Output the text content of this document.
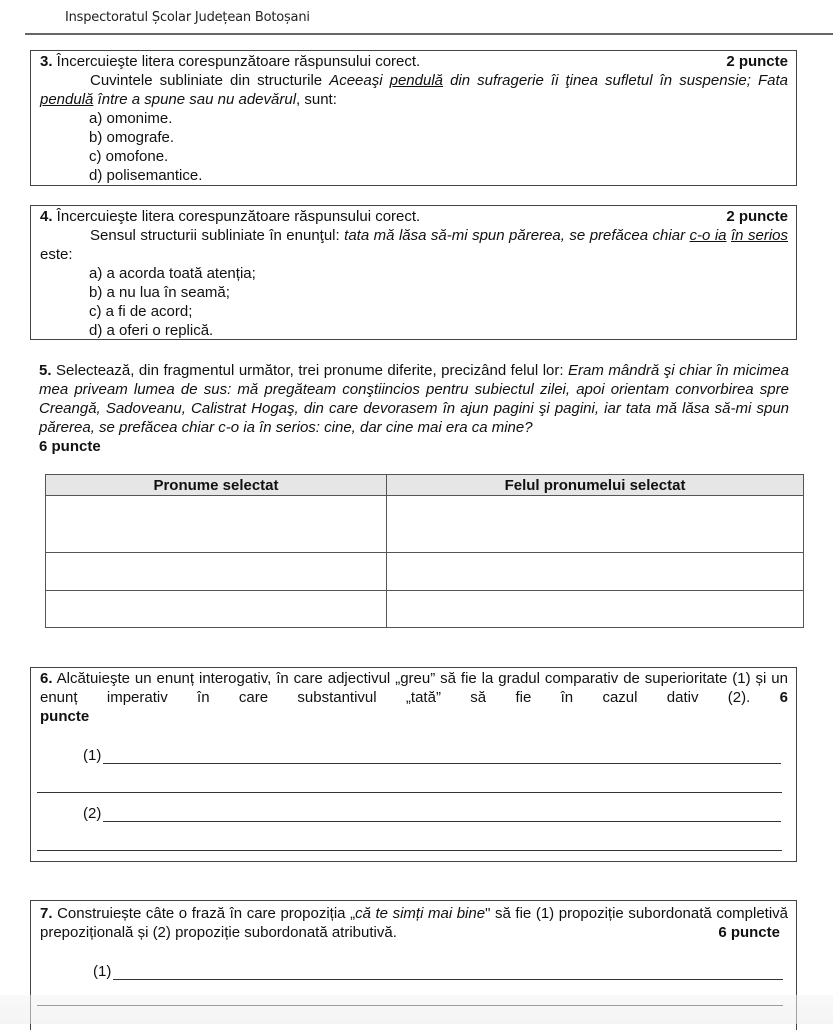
Inspectoratul Școlar Județean Botoșani
3. Încercuieşte litera corespunzătoare răspunsului corect.	2 puncte
Cuvintele subliniate din structurile Aceeaşi pendulă din sufragerie îi ţinea sufletul în suspensie; Fata pendulă între a spune sau nu adevărul, sunt:
a) omonime.
b) omografe.
c) omofone.
d) polisemantice.
4. Încercuieşte litera corespunzătoare răspunsului corect.	2 puncte
Sensul structurii subliniate în enunţul: tata mă lăsa să-mi spun părerea, se prefăcea chiar c-o ia în serios este:
a) a acorda toată atenția;
b) a nu lua în seamă;
c) a fi de acord;
d) a oferi o replică.
5. Selectează, din fragmentul următor, trei pronume diferite, precizând felul lor: Eram mândră şi chiar în micimea mea priveam lumea de sus: mă pregăteam conştiincios pentru subiectul zilei, apoi orientam convorbirea spre Creangă, Sadoveanu, Calistrat Hogaş, din care devorasem în ajun pagini şi pagini, iar tata mă lăsa să-mi spun părerea, se prefăcea chiar c-o ia în serios: cine, dar cine mai era ca mine?
6 puncte
Pronume selectat	Felul pronumelui selectat

6. Alcătuieşte un enunț interogativ, în care adjectivul „greu” să fie la gradul comparativ de superioritate (1) și un enunț imperativ în care substantivul „tată” să fie în cazul dativ (2). 6
puncte
(1)
(2)
7. Construiește câte o frază în care propoziția „că te simți mai bine" să fie (1) propoziție subordonată completivă prepozițională și (2) propoziție subordonată atributivă.	6 puncte
(1)
